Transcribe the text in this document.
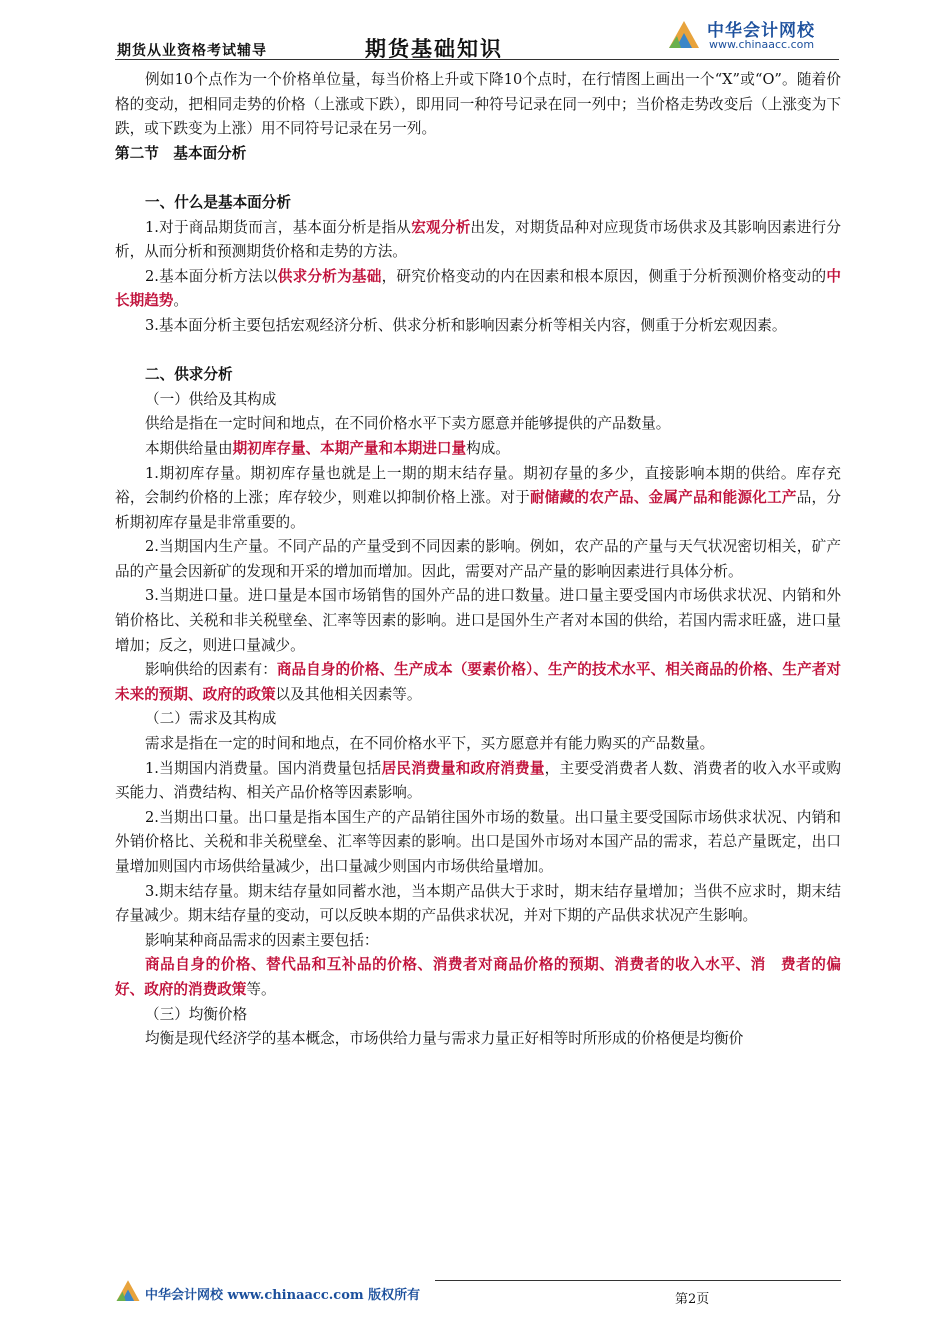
期货从业资格考试辅导	期货基础知识
中华会计网校
www.chinaacc.com

例如10个点作为一个价格单位量，每当价格上升或下降10个点时，在行情图上画出一个“X”或“O”。随着价格的变动，把相同走势的价格（上涨或下跌），即用同一种符号记录在同一列中；当价格走势改变后（上涨变为下跌，或下跌变为上涨）用不同符号记录在另一列。

第二节　基本面分析

一、什么是基本面分析

1.对于商品期货而言，基本面分析是指从宏观分析出发，对期货品种对应现货市场供求及其影响因素进行分析，从而分析和预测期货价格和走势的方法。

2.基本面分析方法以供求分析为基础，研究价格变动的内在因素和根本原因，侧重于分析预测价格变动的中长期趋势。

3.基本面分析主要包括宏观经济分析、供求分析和影响因素分析等相关内容，侧重于分析宏观因素。

二、供求分析

（一）供给及其构成

供给是指在一定时间和地点，在不同价格水平下卖方愿意并能够提供的产品数量。

本期供给量由期初库存量、本期产量和本期进口量构成。

1.期初库存量。期初库存量也就是上一期的期末结存量。期初存量的多少，直接影响本期的供给。库存充裕，会制约价格的上涨；库存较少，则难以抑制价格上涨。对于耐储藏的农产品、金属产品和能源化工产品，分析期初库存量是非常重要的。

2.当期国内生产量。不同产品的产量受到不同因素的影响。例如，农产品的产量与天气状况密切相关，矿产品的产量会因新矿的发现和开采的增加而增加。因此，需要对产品产量的影响因素进行具体分析。

3.当期进口量。进口量是本国市场销售的国外产品的进口数量。进口量主要受国内市场供求状况、内销和外销价格比、关税和非关税壁垒、汇率等因素的影响。进口是国外生产者对本国的供给，若国内需求旺盛，进口量增加；反之，则进口量减少。

影响供给的因素有：商品自身的价格、生产成本（要素价格）、生产的技术水平、相关商品的价格、生产者对未来的预期、政府的政策以及其他相关因素等。

（二）需求及其构成

需求是指在一定的时间和地点，在不同价格水平下，买方愿意并有能力购买的产品数量。

1.当期国内消费量。国内消费量包括居民消费量和政府消费量，主要受消费者人数、消费者的收入水平或购买能力、消费结构、相关产品价格等因素影响。

2.当期出口量。出口量是指本国生产的产品销往国外市场的数量。出口量主要受国际市场供求状况、内销和外销价格比、关税和非关税壁垒、汇率等因素的影响。出口是国外市场对本国产品的需求，若总产量既定，出口量增加则国内市场供给量减少，出口量减少则国内市场供给量增加。

3.期末结存量。期末结存量如同蓄水池，当本期产品供大于求时，期末结存量增加；当供不应求时，期末结存量减少。期末结存量的变动，可以反映本期的产品供求状况，并对下期的产品供求状况产生影响。

影响某种商品需求的因素主要包括：

商品自身的价格、替代品和互补品的价格、消费者对商品价格的预期、消费者的收入水平、消　费者的偏好、政府的消费政策等。

（三）均衡价格

均衡是现代经济学的基本概念，市场供给力量与需求力量正好相等时所形成的价格便是均衡价

中华会计网校 www.chinaacc.com 版权所有	第2页
